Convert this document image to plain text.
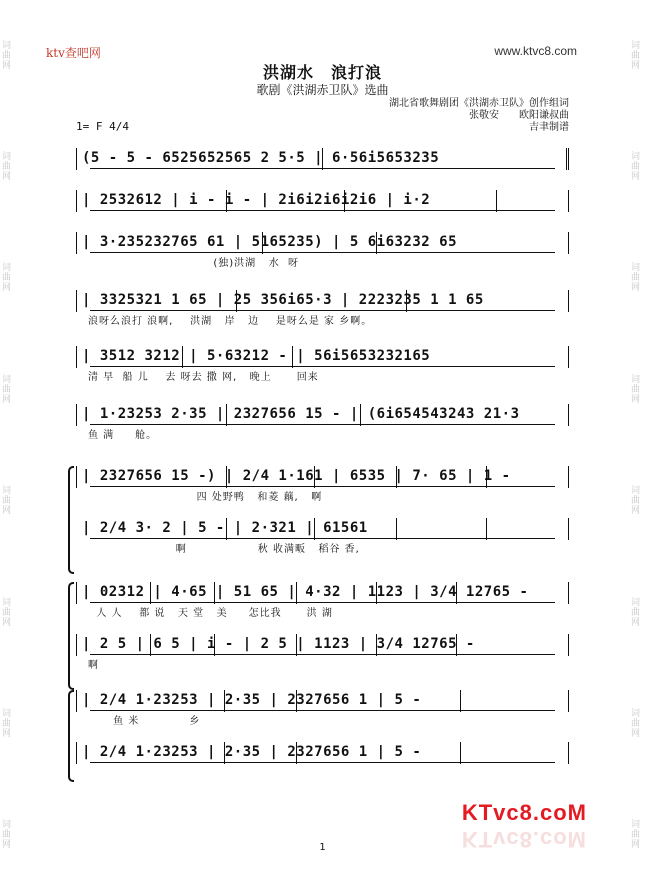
词曲网
词曲网
词曲网
词曲网
词曲网
词曲网
词曲网
词曲网
词曲网
词曲网
词曲网
词曲网
词曲网
词曲网
词曲网
词曲网
ktv查吧网	www.ktvc8.com
洪湖水　浪打浪
歌剧《洪湖赤卫队》选曲
湖北省歌舞剧团《洪湖赤卫队》创作组词
张敬安　　欧阳谦叔曲
吉聿制谱
1= F 4/4
(5 - 5 - 6525652565 2 5·5 | 6·56i5653235
| 2532612 | i - i - | 2i6i2i6i2i6 | i·2
| 3·235232765 61 | 5165235) | 5 6i63232 65
(独)洪湖   水  呀
| 3325321 1 65 | 25 356i65·3 | 2223235 1 1 65
浪呀么浪打 浪啊,    洪湖   岸   边    是呀么是 家 乡啊。
| 3512 3212 | 5·63212 - | 56i5653232165
清 早  船 儿    去 呀去 撒 网,   晚上      回来
| 1·23253 2·35 | 2327656 15 - | (6i654543243 21·3
鱼 满     舱。
| 2327656 15 -) | 2/4 1·161 | 6535 | 7· 65 | 1 -
四 处野鸭   和菱 藕,   啊
| 2/4 3· 2 | 5 - | 2·321 | 61561
啊                 秋 收满畈   稻谷 香,
| 02312 | 4·65 | 51 65 | 4·32 | 1123 | 3/4 12765 -
人 人    都 说   天 堂   美     怎比我      洪 湖
| 2 5 | 6 5 | i - | 2 5 | 1123 | 3/4 12765 -
啊
| 2/4 1·23253 | 2·35 | 2327656 1 | 5 -
鱼 米            乡
| 2/4 1·23253 | 2·35 | 2327656 1 | 5 -
KTvc8.coM
KTvc8.coM
1
